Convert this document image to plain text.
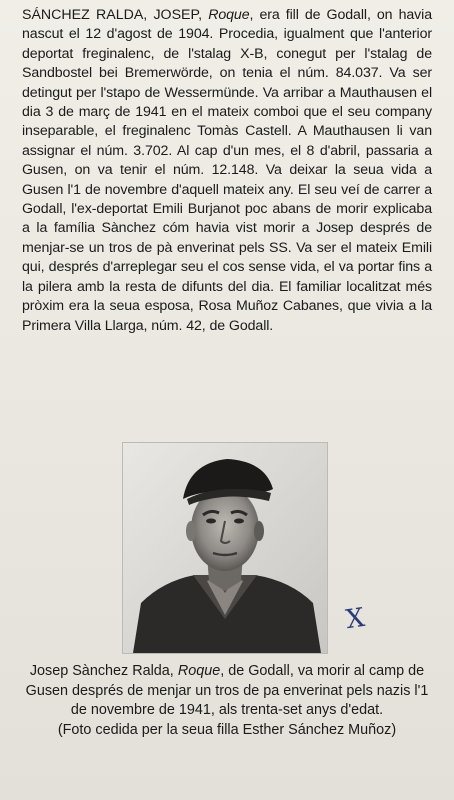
SÁNCHEZ RALDA, JOSEP, Roque, era fill de Godall, on havia nascut el 12 d'agost de 1904. Procedia, igualment que l'anterior deportat freginalenc, de l'stalag X-B, conegut per l'stalag de Sandbostel bei Bremerwörde, on tenia el núm. 84.037. Va ser detingut per l'stapo de Wessermünde. Va arribar a Mauthausen el dia 3 de març de 1941 en el mateix comboi que el seu company inseparable, el freginalenc Tomàs Castell. A Mauthausen li van assignar el núm. 3.702. Al cap d'un mes, el 8 d'abril, passaria a Gusen, on va tenir el núm. 12.148. Va deixar la seua vida a Gusen l'1 de novembre d'aquell mateix any. El seu veí de carrer a Godall, l'ex-deportat Emili Burjanot poc abans de morir explicaba a la família Sànchez cóm havia vist morir a Josep després de menjar-se un tros de pà enverinat pels SS. Va ser el mateix Emili qui, després d'arreplegar seu el cos sense vida, el va portar fins a la pilera amb la resta de difunts del dia. El familiar localitzat més pròxim era la seua esposa, Rosa Muñoz Cabanes, que vivia a la Primera Villa Llarga, núm. 42, de Godall.

X
Josep Sànchez Ralda, Roque, de Godall, va morir al camp de Gusen després de menjar un tros de pa enverinat pels nazis l'1 de novembre de 1941, als trenta-set anys d'edat.
(Foto cedida per la seua filla Esther Sánchez Muñoz)
